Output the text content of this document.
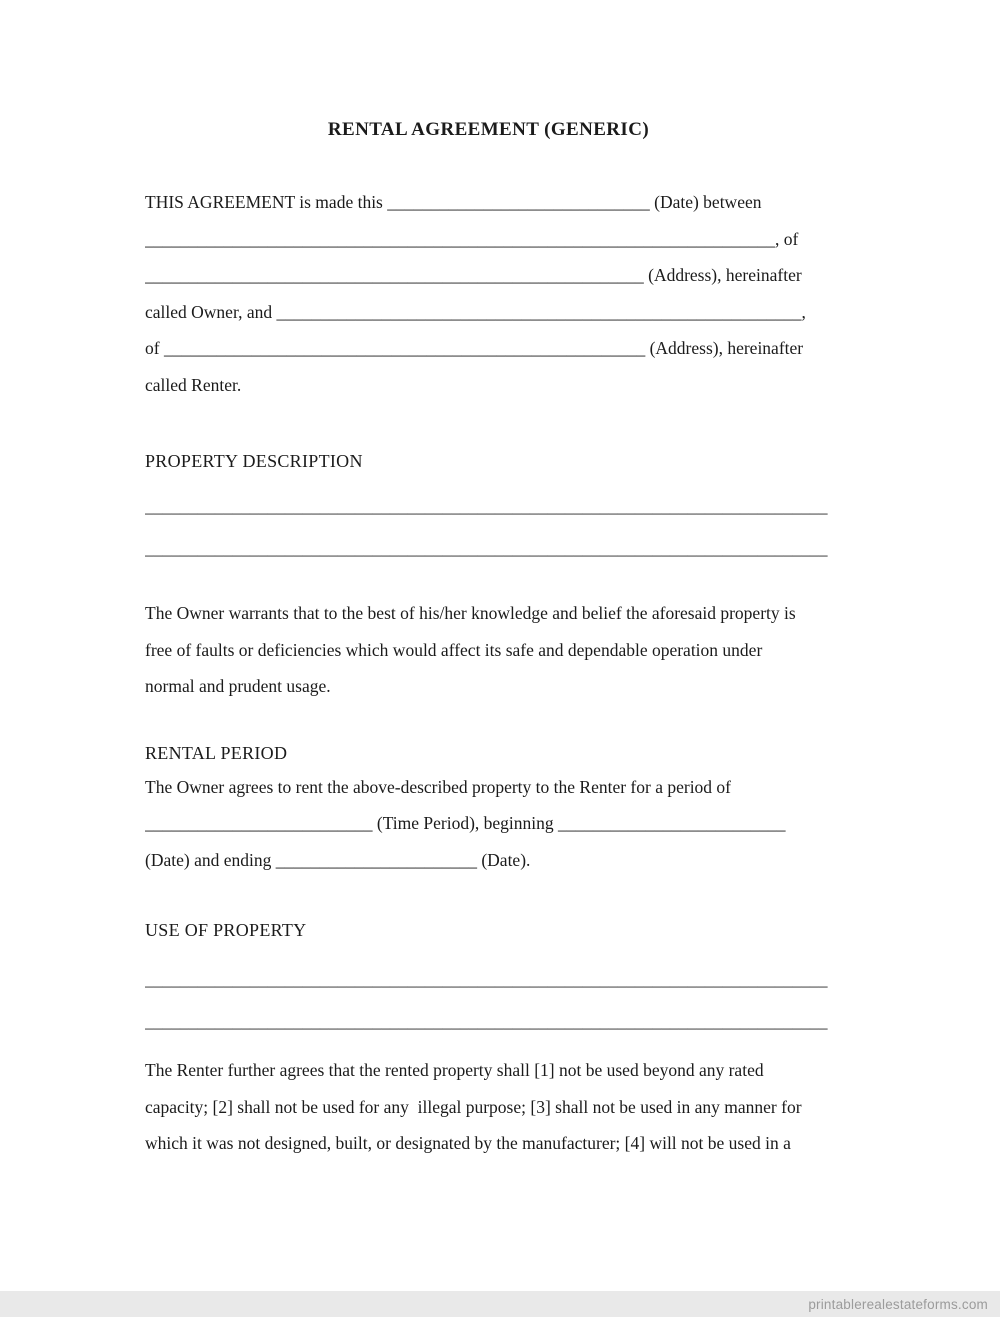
RENTAL AGREEMENT (GENERIC)
THIS AGREEMENT is made this ______________________________ (Date) between
________________________________________________________________________, of
_________________________________________________________ (Address), hereinafter
called Owner, and ____________________________________________________________,
of _______________________________________________________ (Address), hereinafter
called Renter.
PROPERTY DESCRIPTION
______________________________________________________________________________
______________________________________________________________________________
The Owner warrants that to the best of his/her knowledge and belief the aforesaid property is
free of faults or deficiencies which would affect its safe and dependable operation under
normal and prudent usage.
RENTAL PERIOD
The Owner agrees to rent the above-described property to the Renter for a period of
__________________________ (Time Period), beginning __________________________
(Date) and ending _______________________ (Date).
USE OF PROPERTY
______________________________________________________________________________
______________________________________________________________________________
The Renter further agrees that the rented property shall [1] not be used beyond any rated
capacity; [2] shall not be used for any  illegal purpose; [3] shall not be used in any manner for
which it was not designed, built, or designated by the manufacturer; [4] will not be used in a
printablerealestateforms.com
